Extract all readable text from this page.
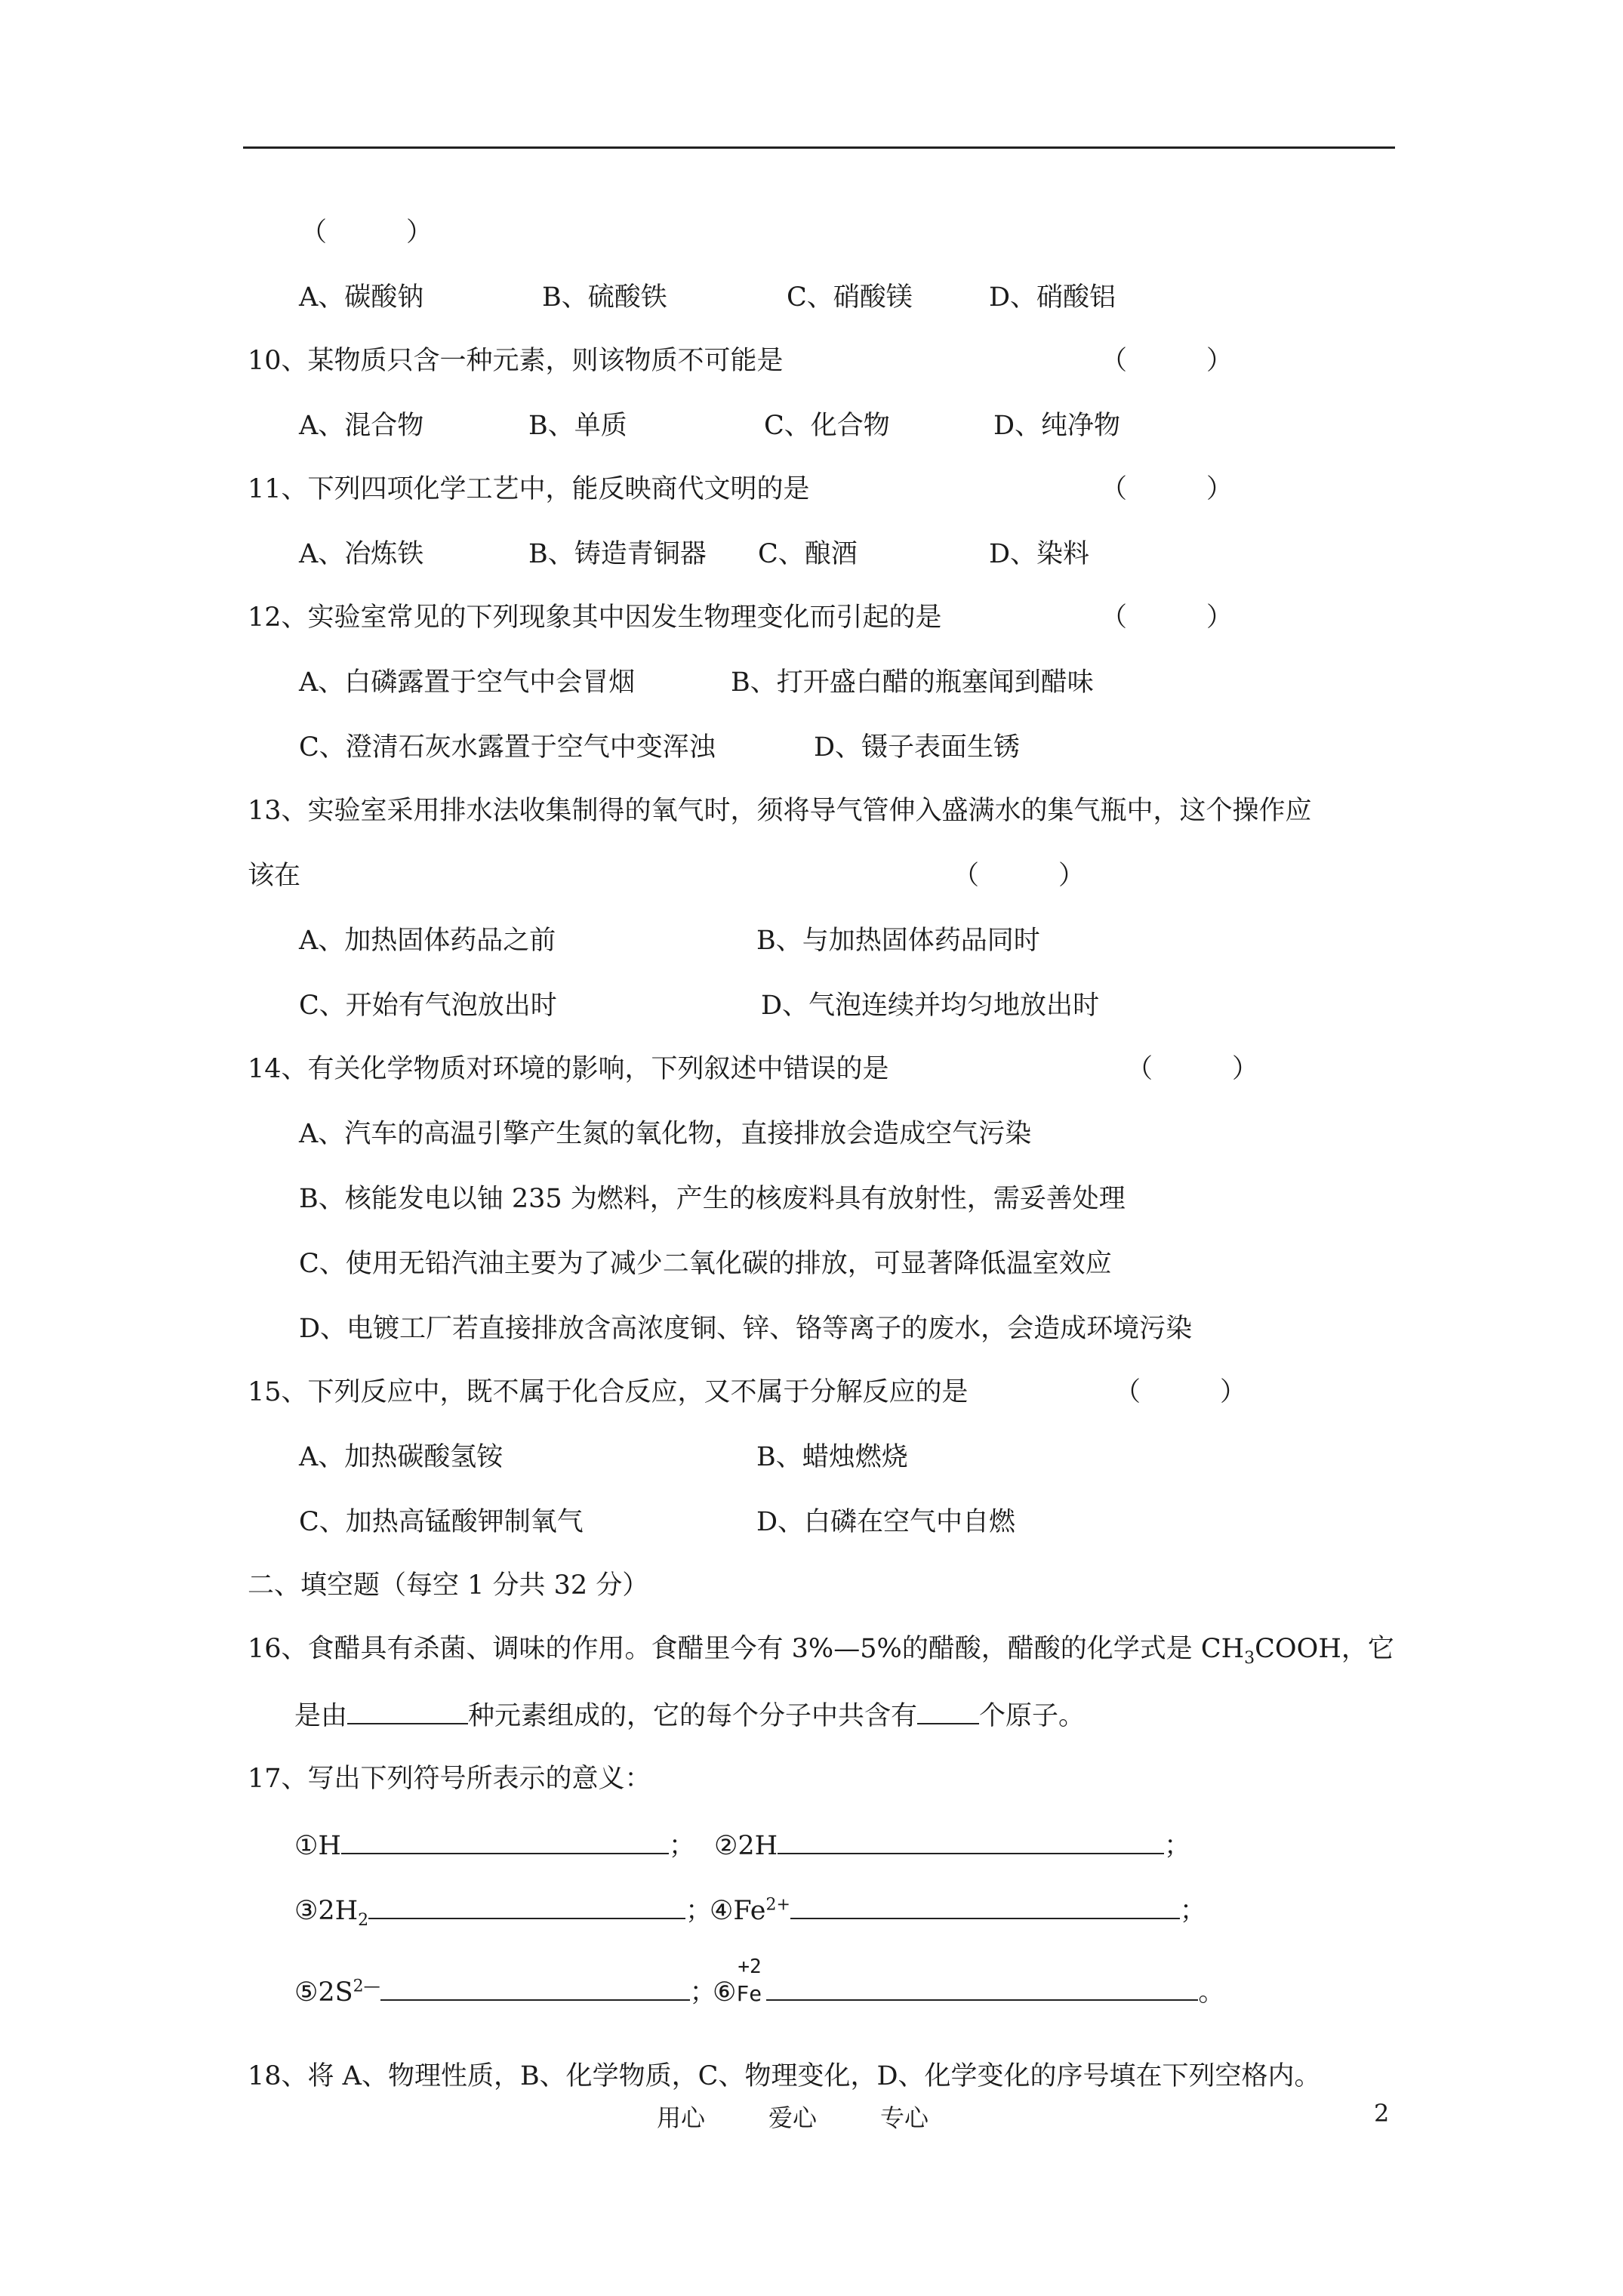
（　　　）
A、碳酸钠	B、硫酸铁	C、硝酸镁	D、硝酸铝
10、某物质只含一种元素，则该物质不可能是	（　　　）
A、混合物	B、单质	C、化合物	D、纯净物
11、下列四项化学工艺中，能反映商代文明的是	（　　　）
A、冶炼铁	B、铸造青铜器 C、酿酒	D、染料
12、实验室常见的下列现象其中因发生物理变化而引起的是	（　　　）
A、白磷露置于空气中会冒烟	B、打开盛白醋的瓶塞闻到醋味
C、澄清石灰水露置于空气中变浑浊	D、镊子表面生锈
13、实验室采用排水法收集制得的氧气时，须将导气管伸入盛满水的集气瓶中，这个操作应
该在	（　　　）
A、加热固体药品之前	B、与加热固体药品同时
C、开始有气泡放出时	D、气泡连续并均匀地放出时
14、有关化学物质对环境的影响，下列叙述中错误的是	（　　　）
A、汽车的高温引擎产生氮的氧化物，直接排放会造成空气污染
B、核能发电以铀 235 为燃料，产生的核废料具有放射性，需妥善处理
C、使用无铅汽油主要为了减少二氧化碳的排放，可显著降低温室效应
D、电镀工厂若直接排放含高浓度铜、锌、铬等离子的废水，会造成环境污染
15、下列反应中，既不属于化合反应，又不属于分解反应的是	（　　　）
A、加热碳酸氢铵	B、蜡烛燃烧
C、加热高锰酸钾制氧气	D、白磷在空气中自燃
二、填空题（每空 1 分共 32 分）
16、食醋具有杀菌、调味的作用。食醋里今有 3%—5%的醋酸，醋酸的化学式是 $CH_3COOH$，它
是由	种元素组成的，它的每个分子中共含有 个原子。
17、写出下列符号所表示的意义：
①H	； ②2H	；
$③2H_2$	；
$④Fe^{2+}$	；
$⑤2S^{2—}$	；
⑥
+2
Fe	。
18、将 A、物理性质，B、化学物质，C、物理变化，D、化学变化的序号填在下列空格内。
用心	爱心	专心	2
